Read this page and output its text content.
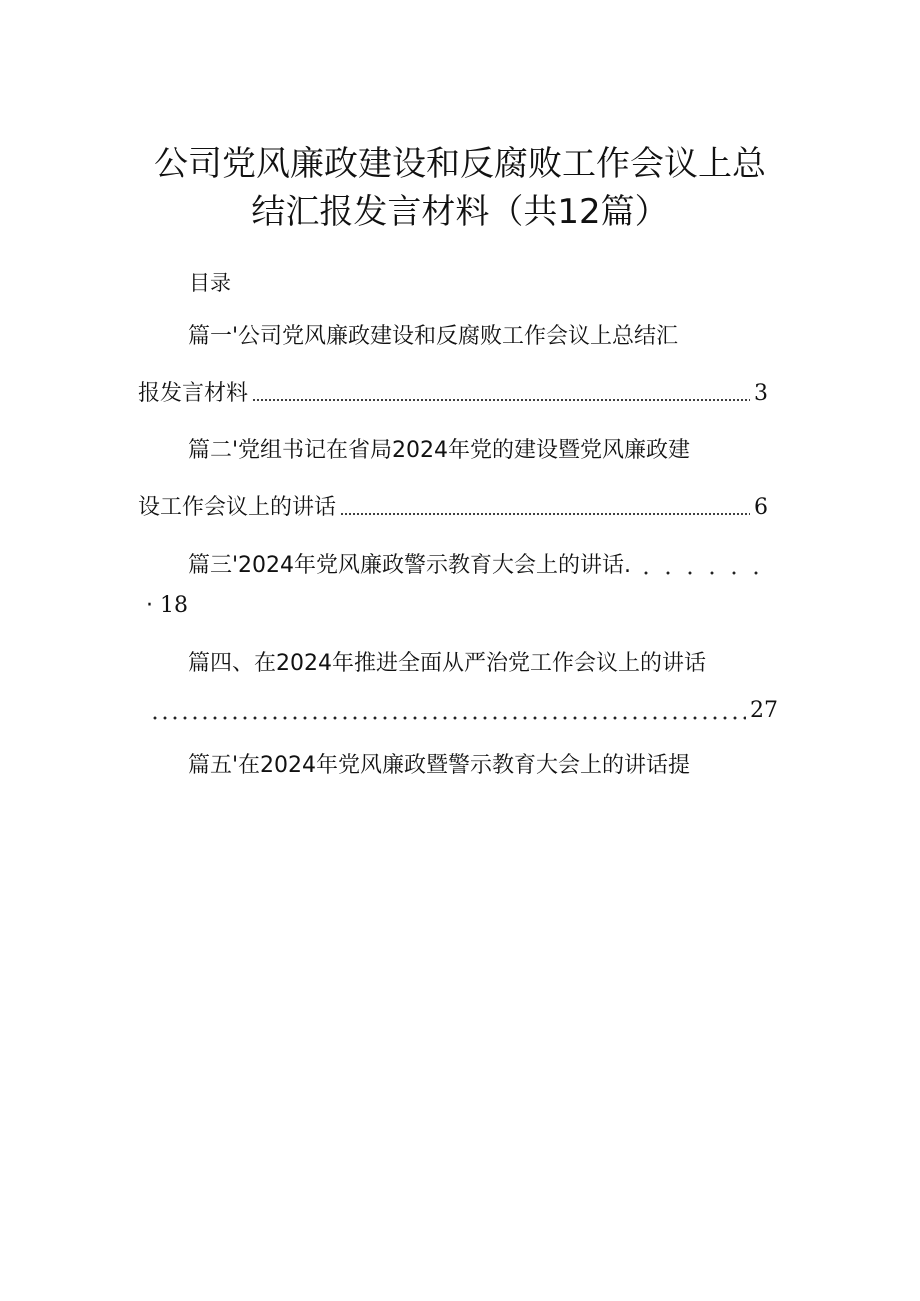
公司党风廉政建设和反腐败工作会议上总
结汇报发言材料（共12篇）
目录
篇一'公司党风廉政建设和反腐败工作会议上总结汇
报发言材料	3
篇二'党组书记在省局2024年党的建设暨党风廉政建
设工作会议上的讲话	6
篇三'2024年党风廉政警示教育大会上的讲话.
· 18
篇四、在2024年推进全面从严治党工作会议上的讲话
27
篇五'在2024年党风廉政暨警示教育大会上的讲话提
